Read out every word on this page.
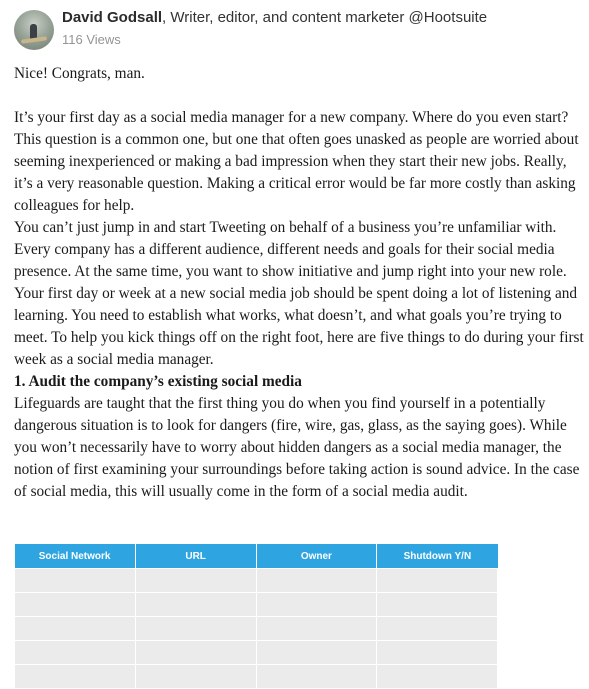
David Godsall, Writer, editor, and content marketer @Hootsuite
116 Views

Nice! Congrats, man.

It’s your first day as a social media manager for a new company. Where do you even start?

This question is a common one, but one that often goes unasked as people are worried about seeming inexperienced or making a bad impression when they start their new jobs. Really, it’s a very reasonable question. Making a critical error would be far more costly than asking colleagues for help.

You can’t just jump in and start Tweeting on behalf of a business you’re unfamiliar with. Every company has a different audience, different needs and goals for their social media presence. At the same time, you want to show initiative and jump right into your new role.

Your first day or week at a new social media job should be spent doing a lot of listening and learning. You need to establish what works, what doesn’t, and what goals you’re trying to meet. To help you kick things off on the right foot, here are five things to do during your first week as a social media manager.

1. Audit the company’s existing social media

Lifeguards are taught that the first thing you do when you find yourself in a potentially dangerous situation is to look for dangers (fire, wire, gas, glass, as the saying goes). While you won’t necessarily have to worry about hidden dangers as a social media manager, the notion of first examining your surroundings before taking action is sound advice. In the case of social media, this will usually come in the form of a social media audit.

Social Network	URL	Owner	Shutdown Y/N
